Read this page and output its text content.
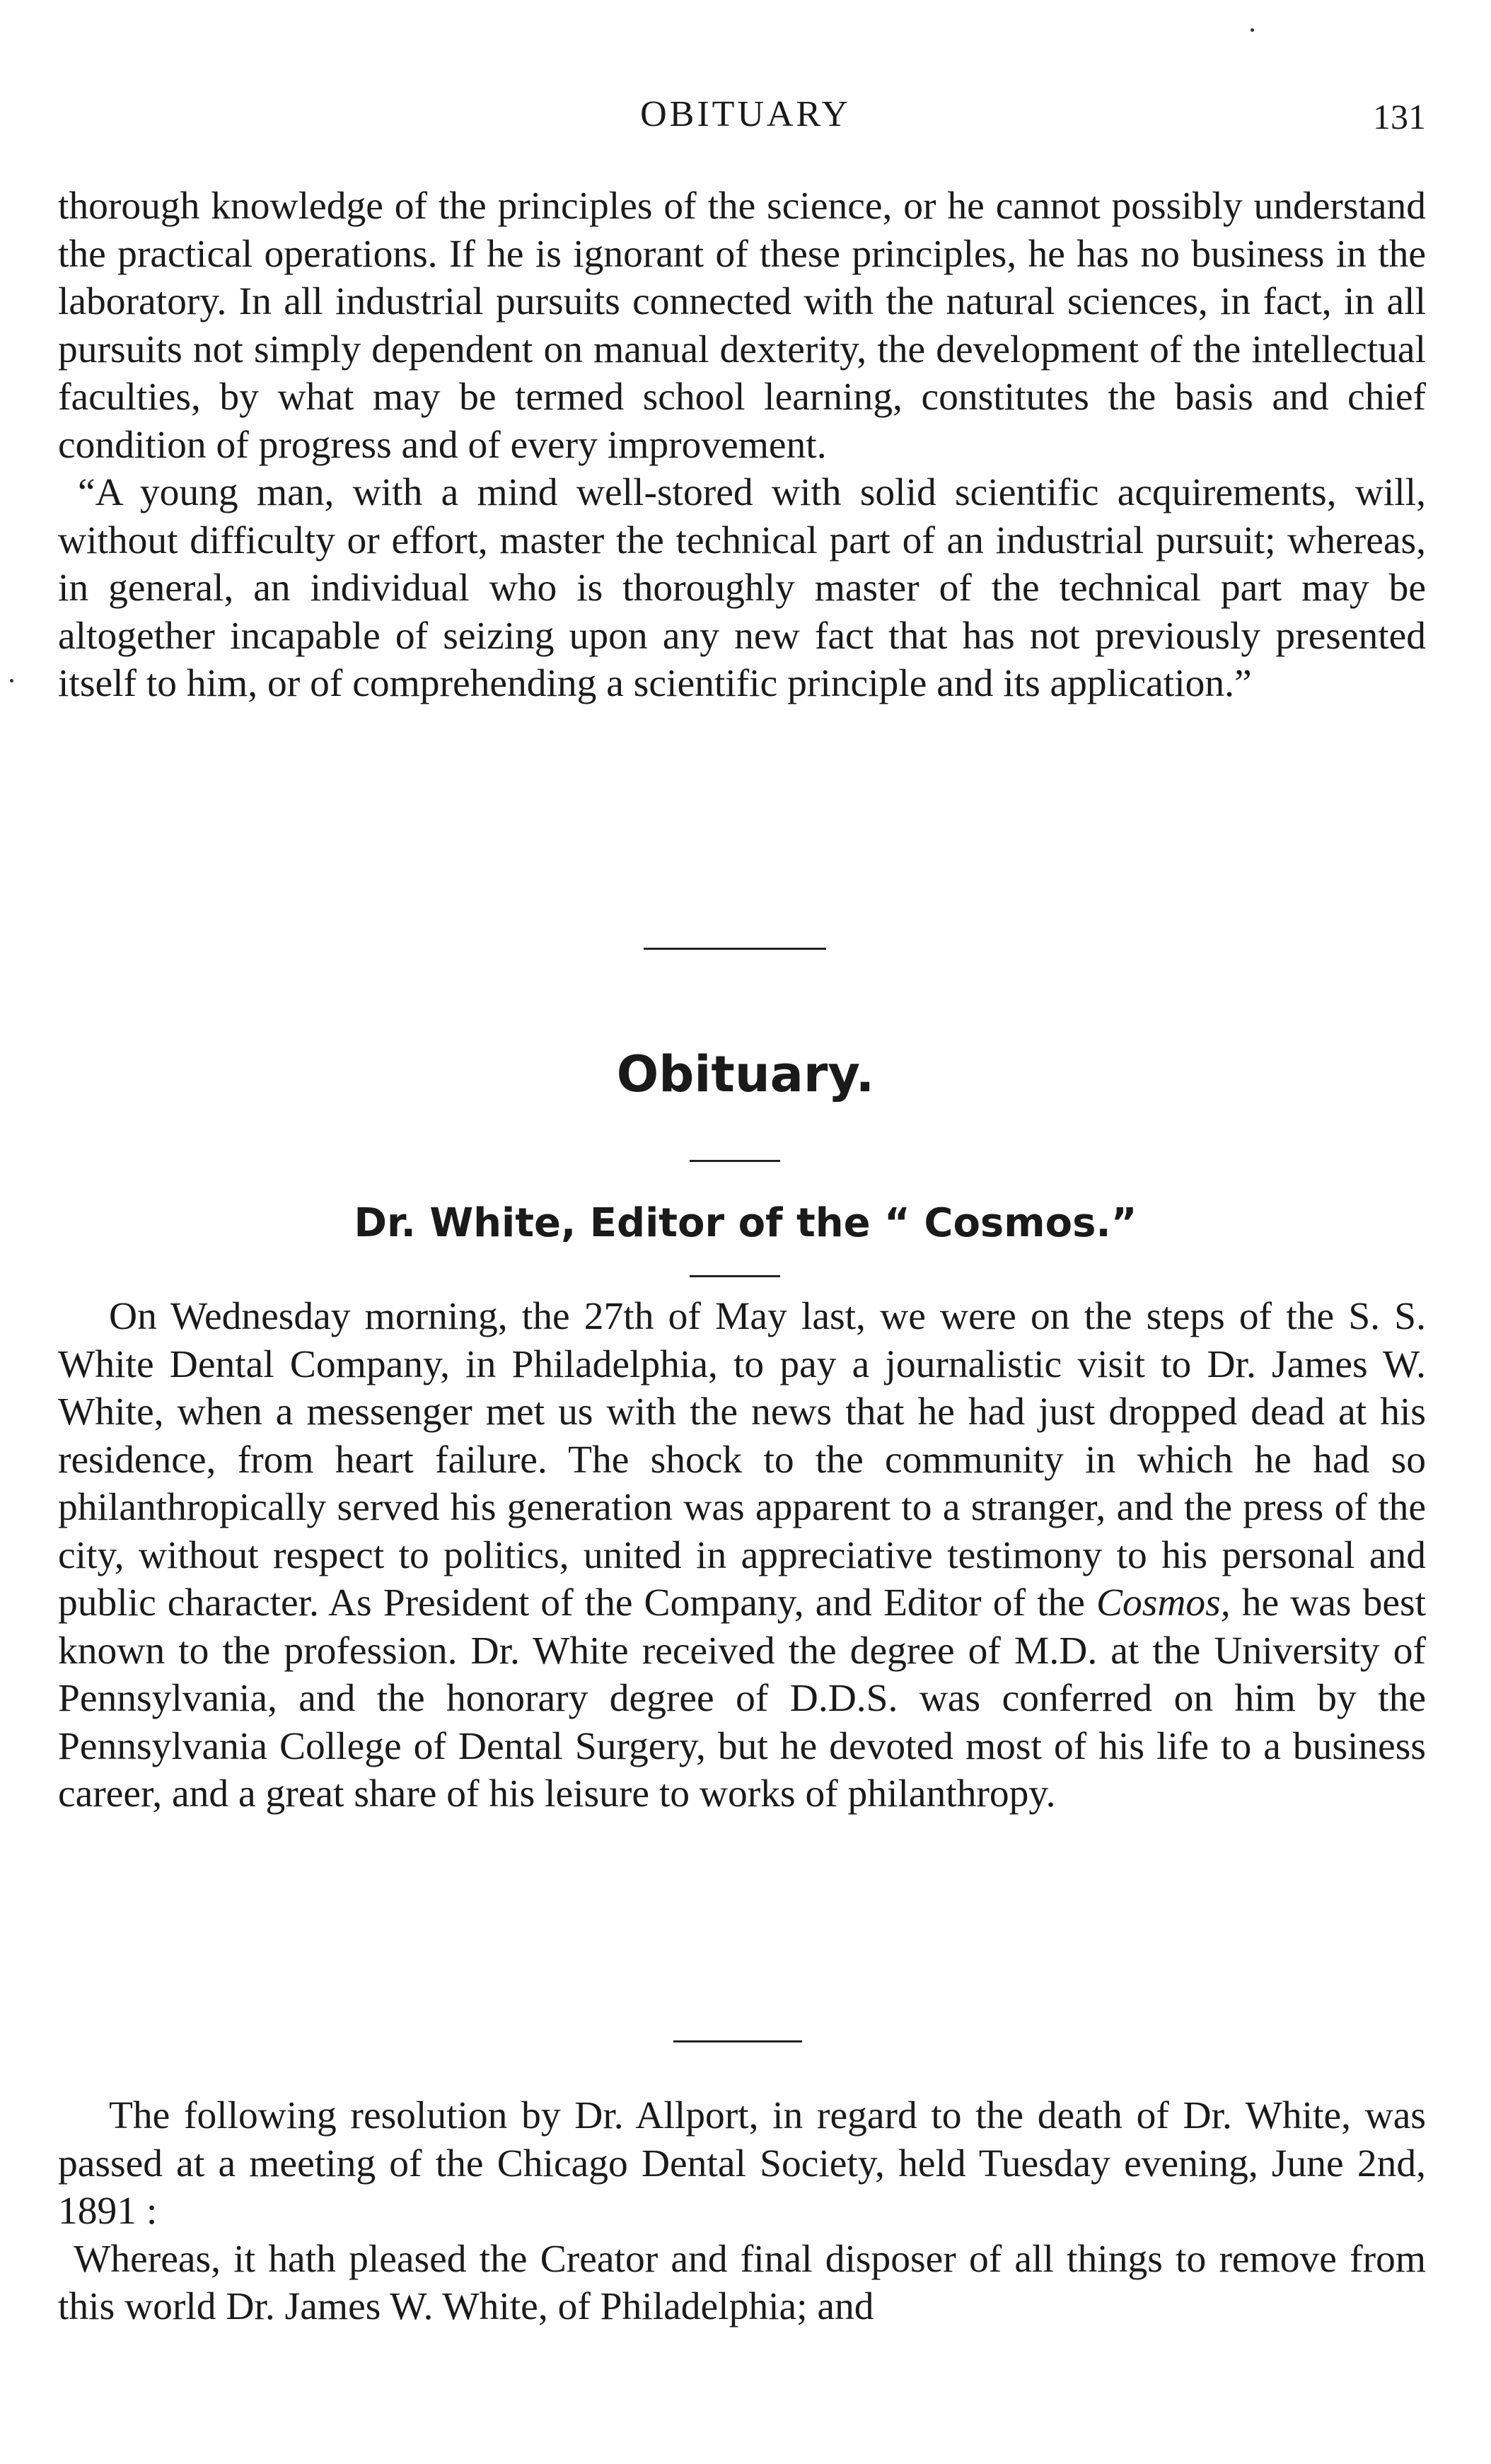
OBITUARY	131

thorough knowledge of the principles of the science, or he cannot possibly understand the practical operations. If he is ignorant of these principles, he has no business in the laboratory. In all industrial pursuits connected with the natural sciences, in fact, in all pursuits not simply dependent on manual dexterity, the development of the intellectual faculties, by what may be termed school learning, constitutes the basis and chief condition of progress and of every improvement.

“A young man, with a mind well-stored with solid scientific acquirements, will, without difficulty or effort, master the technical part of an industrial pursuit; whereas, in general, an individual who is thoroughly master of the technical part may be altogether incapable of seizing upon any new fact that has not previously presented itself to him, or of comprehending a scientific principle and its application.”

Obituary.
Dr. White, Editor of the “ Cosmos.”

On Wednesday morning, the 27th of May last, we were on the steps of the S. S. White Dental Company, in Philadelphia, to pay a journalistic visit to Dr. James W. White, when a messenger met us with the news that he had just dropped dead at his residence, from heart failure. The shock to the community in which he had so philanthropically served his generation was apparent to a stranger, and the press of the city, without respect to politics, united in appreciative testimony to his personal and public character. As President of the Company, and Editor of the Cosmos, he was best known to the profession. Dr. White received the degree of M.D. at the University of Pennsylvania, and the honorary degree of D.D.S. was conferred on him by the Pennsylvania College of Dental Surgery, but he devoted most of his life to a business career, and a great share of his leisure to works of philanthropy.

The following resolution by Dr. Allport, in regard to the death of Dr. White, was passed at a meeting of the Chicago Dental Society, held Tuesday evening, June 2nd, 1891 :

Whereas, it hath pleased the Creator and final disposer of all things to remove from this world Dr. James W. White, of Philadelphia; and
